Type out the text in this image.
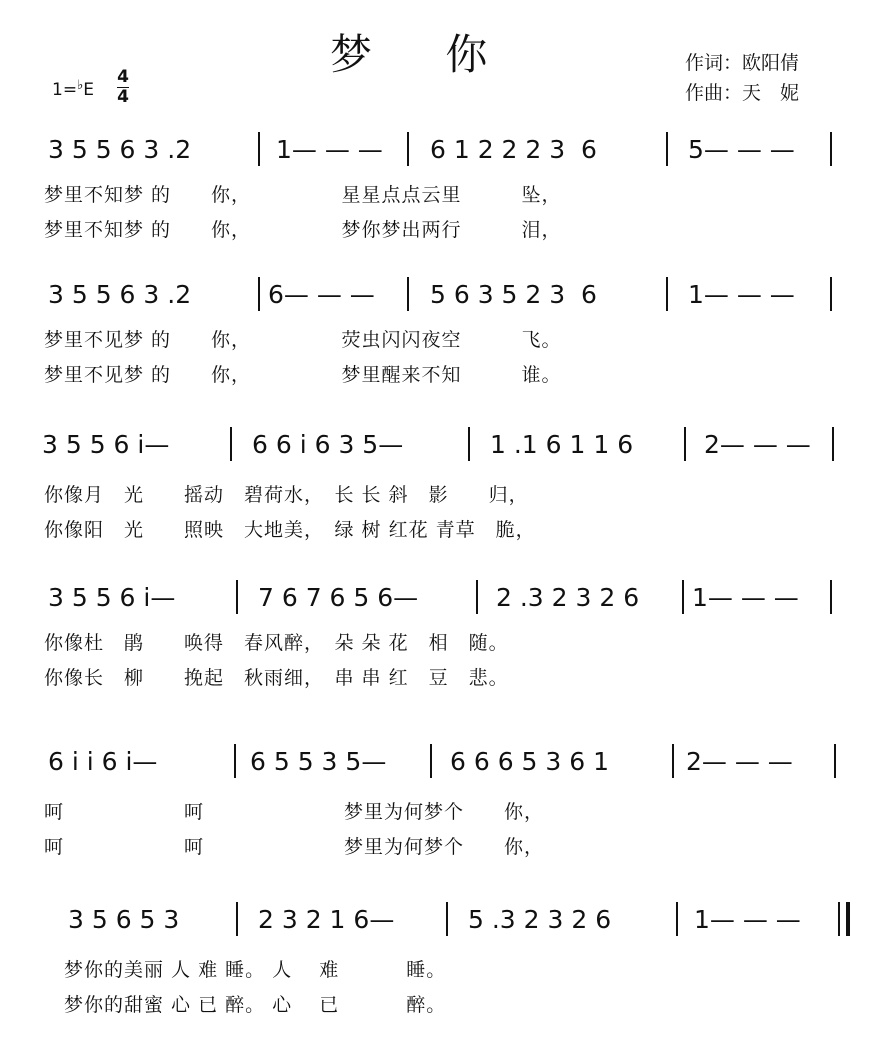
梦 你	作词：欧阳倩
作曲：天　妮
1=♭E
4
4
3 5 5 6 3 .2	1— — — 6 1 2 2 2 3  6	5— — —
梦里不知梦 的　　你，　　　　　星星点点云里　　　坠，
梦里不知梦 的　　你，　　　　　梦你梦出两行　　　泪，
3 5 5 6 3 .2	6— — — 5 6 3 5 2 3  6	1— — —
梦里不见梦 的　　你，　　　　　荧虫闪闪夜空　　　飞。
梦里不见梦 的　　你，　　　　　梦里醒来不知　　　谁。
3 5 5 6 i—	6 6 i 6 3 5—	1 .1 6 1 1 6	2— — —
你像月　光　　摇动　碧荷水，　长 长 斜　影　　归，
你像阳　光　　照映　大地美，　绿 树 红花 青草　脆，
3 5 5 6 i—	7 6 7 6 5 6—	2 .3 2 3 2 6 1— — —
你像杜　鹃　　唤得　春风醉，　朵 朵 花　相　随。
你像长　柳　　挽起　秋雨细，　串 串 红　豆　悲。
6 i i 6 i—	6 5 5 3 5—	6 6 6 5 3 6 1	2— — —
呵　　　　　　呵　　　　　　　梦里为何梦个　　你，
呵　　　　　　呵　　　　　　　梦里为何梦个　　你，
3 5 6 5 3	2 3 2 1 6—	5 .3 2 3 2 6	1— — —
梦你的美丽 人 难 睡。 人　 难　　　 睡。
梦你的甜蜜 心 已 醉。 心　 已　　　 醉。
